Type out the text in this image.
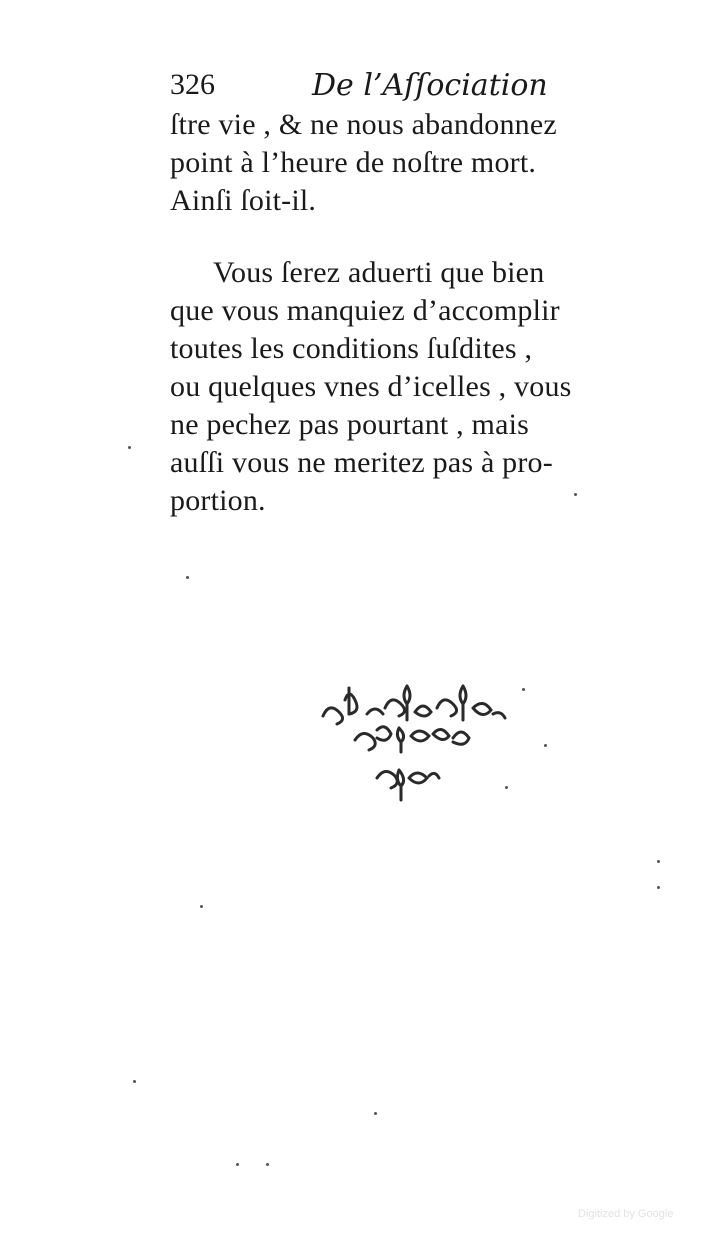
326	De l’Aſſociation
ſtre vie , & ne nous abandonnez
point à l’heure de noſtre mort.
Ainſi ſoit-il.
Vous ſerez aduerti que bien
que vous manquiez d’accomplir
toutes les conditions ſuſdites ,
ou quelques vnes d’icelles , vous
ne pechez pas pourtant , mais
auſſi vous ne meritez pas à pro-
portion.
Digitized by Google
